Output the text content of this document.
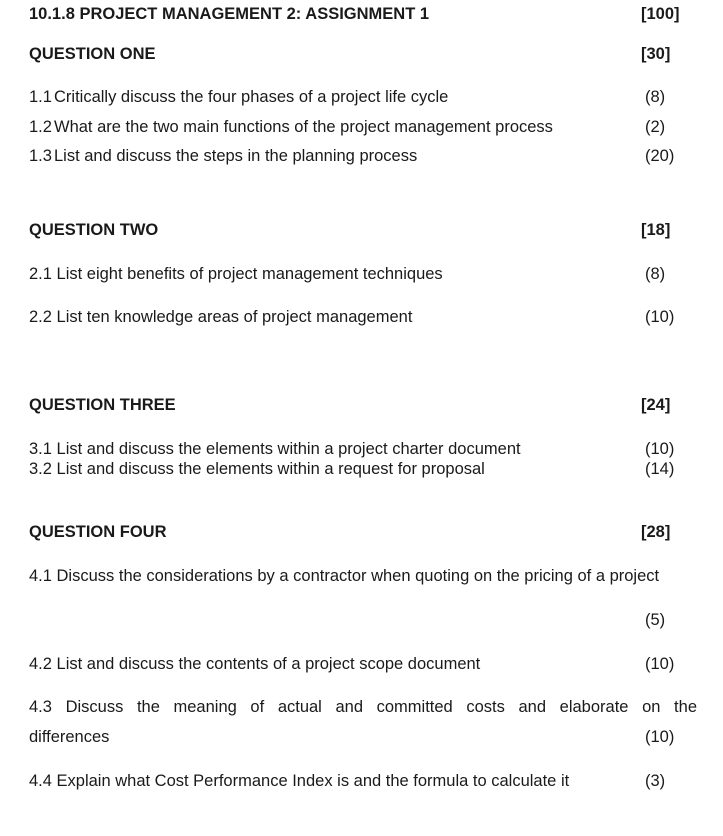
10.1.8 PROJECT MANAGEMENT 2: ASSIGNMENT 1	[100]
QUESTION ONE	[30]
1.1 Critically discuss the four phases of a project life cycle	(8)
1.2 What are the two main functions of the project management process	(2)
1.3 List and discuss the steps in the planning process	(20)
QUESTION TWO	[18]
2.1 List eight benefits of project management techniques	(8)
2.2 List ten knowledge areas of project management	(10)
QUESTION THREE	[24]
3.1 List and discuss the elements within a project charter document	(10)
3.2 List and discuss the elements within a request for proposal	(14)
QUESTION FOUR	[28]
4.1 Discuss the considerations by a contractor when quoting on the pricing of a project
(5)
4.2 List and discuss the contents of a project scope document	(10)
4.3 Discuss the meaning of actual and committed costs and elaborate on the
differences	(10)
4.4 Explain what Cost Performance Index is and the formula to calculate it	(3)
